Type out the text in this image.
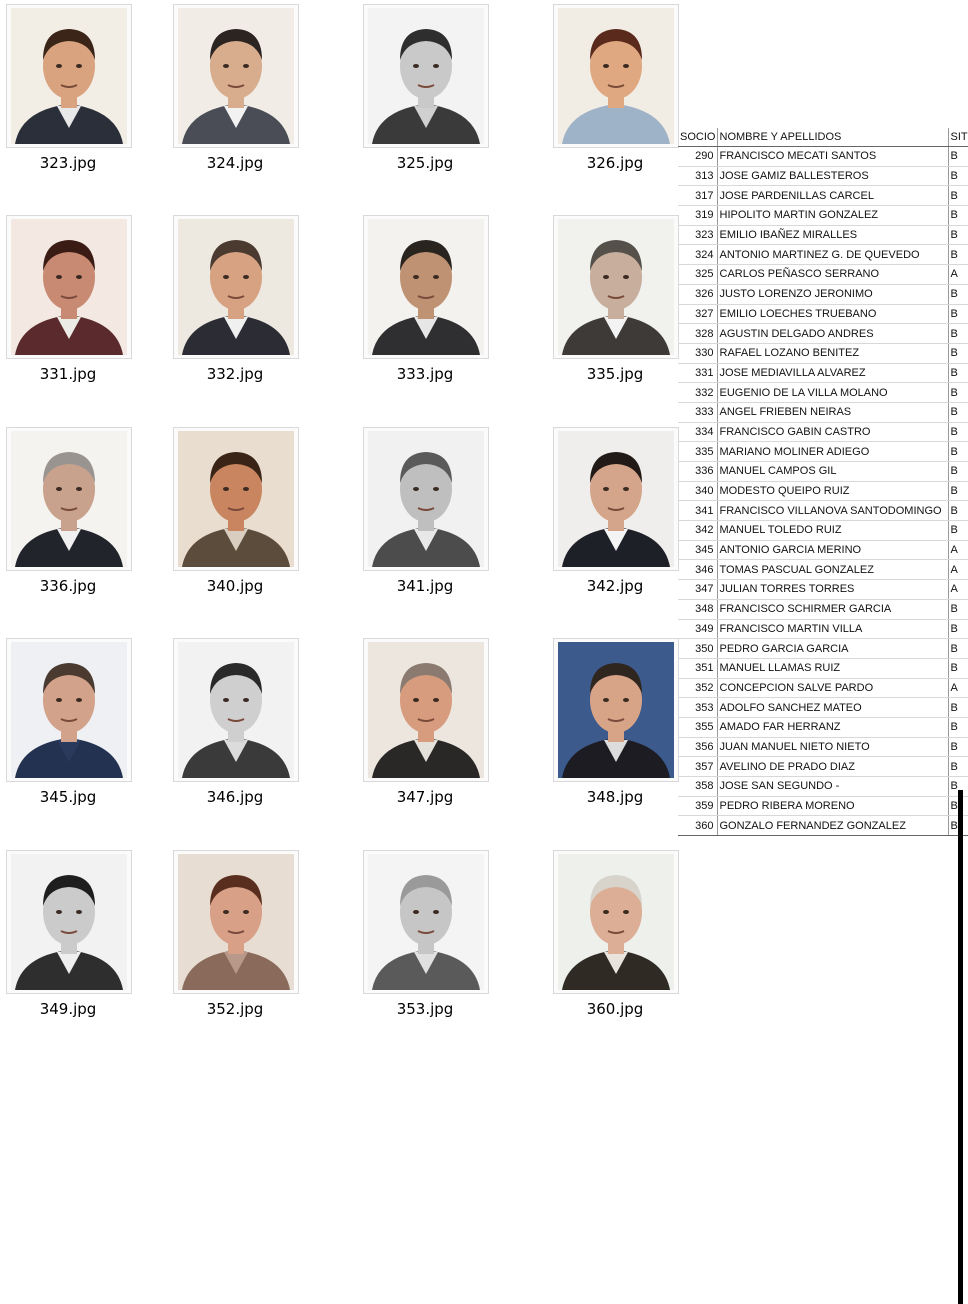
323.jpg	324.jpg	325.jpg	326.jpg
331.jpg	332.jpg	333.jpg	335.jpg
336.jpg	340.jpg	341.jpg	342.jpg
345.jpg	346.jpg	347.jpg	348.jpg
349.jpg	352.jpg	353.jpg	360.jpg
SOCIO	NOMBRE Y APELLIDOS	SIT
290	FRANCISCO MECATI SANTOS	B
313	JOSE GAMIZ BALLESTEROS	B
317	JOSE PARDENILLAS CARCEL	B
319	HIPOLITO MARTIN GONZALEZ	B
323	EMILIO IBAÑEZ MIRALLES	B
324	ANTONIO MARTINEZ G. DE QUEVEDO	B
325	CARLOS PEÑASCO SERRANO	A
326	JUSTO LORENZO JERONIMO	B
327	EMILIO LOECHES TRUEBANO	B
328	AGUSTIN DELGADO ANDRES	B
330	RAFAEL LOZANO BENITEZ	B
331	JOSE MEDIAVILLA ALVAREZ	B
332	EUGENIO DE LA VILLA MOLANO	B
333	ANGEL FRIEBEN NEIRAS	B
334	FRANCISCO GABIN CASTRO	B
335	MARIANO MOLINER ADIEGO	B
336	MANUEL CAMPOS GIL	B
340	MODESTO QUEIPO RUIZ	B
341	FRANCISCO VILLANOVA SANTODOMINGO	B
342	MANUEL TOLEDO RUIZ	B
345	ANTONIO GARCIA MERINO	A
346	TOMAS PASCUAL GONZALEZ	A
347	JULIAN TORRES TORRES	A
348	FRANCISCO SCHIRMER GARCIA	B
349	FRANCISCO MARTIN VILLA	B
350	PEDRO GARCIA GARCIA	B
351	MANUEL LLAMAS RUIZ	B
352	CONCEPCION SALVE PARDO	A
353	ADOLFO SANCHEZ MATEO	B
355	AMADO FAR HERRANZ	B
356	JUAN MANUEL NIETO NIETO	B
357	AVELINO DE PRADO DIAZ	B
358	JOSE SAN SEGUNDO -	B
359	PEDRO RIBERA MORENO	B
360	GONZALO FERNANDEZ GONZALEZ	B
